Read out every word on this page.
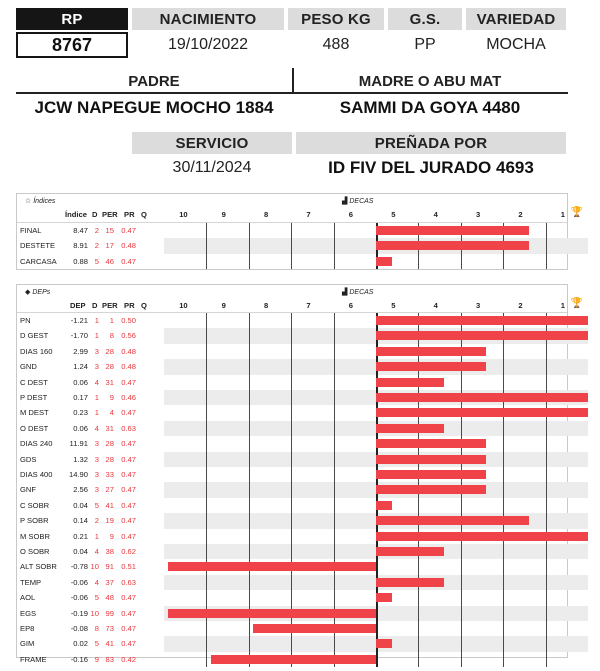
RP	NACIMIENTO	PESO KG	G.S.	VARIEDAD
8767	19/10/2022	488	PP	MOCHA
PADRE	MADRE O ABU MAT
JCW NAPEGUE MOCHO 1884	SAMMI DA GOYA 4480
SERVICIO	PREÑADA POR
30/11/2024	ID FIV DEL JURADO 4693
☆ Índices	▟ DECAS
Índice D PER PR Q	10	9	8	7	6	5	4	3	2	1 🏆
FINAL	8.47 2 15 0.47
DESTETE	8.91 2 17 0.48
CARCASA	0.88 5 46 0.47
◆ DEPs	▟ DECAS
DEP D PER PR Q	10	9	8	7	6	5	4	3	2	1 🏆
PN	-1.21 1	1 0.50
D GEST	-1.70 1	8 0.56
DIAS 160	2.99 3 28 0.48
GND	1.24 3 28 0.48
C DEST	0.06 4 31 0.47
P DEST	0.17 1	9 0.46
M DEST	0.23 1	4 0.47
O DEST	0.06 4 31 0.63
DIAS 240	11.91 3 28 0.47
GDS	1.32 3 28 0.47
DIAS 400	14.90 3 33 0.47
GNF	2.56 3 27 0.47
C SOBR	0.04 5 41 0.47
P SOBR	0.14 2 19 0.47
M SOBR	0.21 1	9 0.47
O SOBR	0.04 4 38 0.62
ALT SOBR	-0.78 10 91 0.51
TEMP	-0.06 4 37 0.63
AOL	-0.06 5 48 0.47
EGS	-0.19 10 99 0.47
EP8	-0.08 8 73 0.47
GIM	0.02 5 41 0.47
FRAME	-0.16 9 83 0.42
